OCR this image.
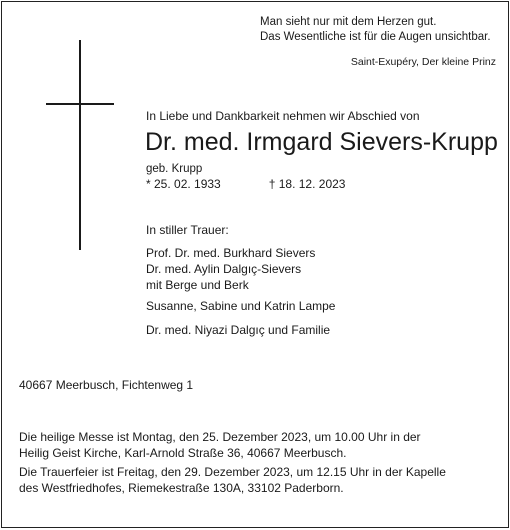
Man sieht nur mit dem Herzen gut.
Das Wesentliche ist für die Augen unsichtbar.
Saint-Exupéry, Der kleine Prinz
In Liebe und Dankbarkeit nehmen wir Abschied von
Dr. med. Irmgard Sievers-Krupp
geb. Krupp
* 25. 02. 1933	† 18. 12. 2023
In stiller Trauer:
Prof. Dr. med. Burkhard Sievers
Dr. med. Aylin Dalgıç-Sievers
mit Berge und Berk
Susanne, Sabine und Katrin Lampe
Dr. med. Niyazi Dalgıç und Familie
40667 Meerbusch, Fichtenweg 1
Die heilige Messe ist Montag, den 25. Dezember 2023, um 10.00 Uhr in der
Heilig Geist Kirche, Karl-Arnold Straße 36, 40667 Meerbusch.
Die Trauerfeier ist Freitag, den 29. Dezember 2023, um 12.15 Uhr in der Kapelle
des Westfriedhofes, Riemekestraße 130A, 33102 Paderborn.
